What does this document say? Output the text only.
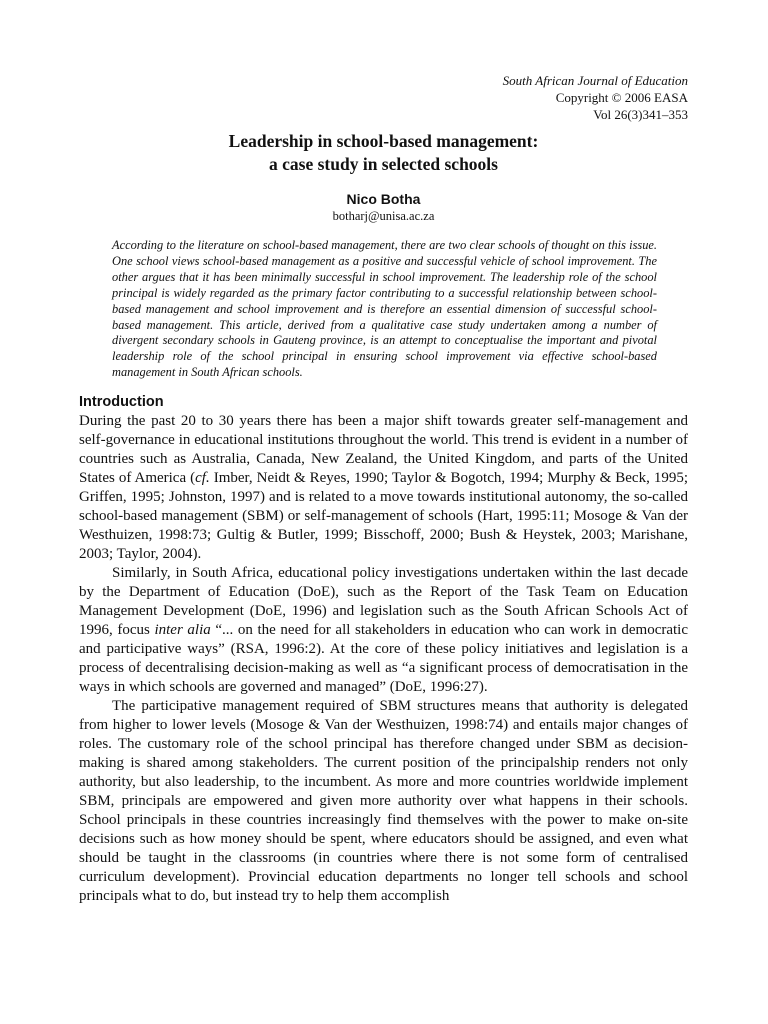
South African Journal of Education
Copyright © 2006 EASA
Vol 26(3)341–353
Leadership in school-based management:
a case study in selected schools
Nico Botha
botharj@unisa.ac.za
According to the literature on school-based management, there are two clear schools of thought on this issue. One school views school-based management as a positive and successful vehicle of school improvement. The other argues that it has been minimally successful in school improvement. The leadership role of the school principal is widely regarded as the primary factor contributing to a successful relationship between school-based management and school improvement and is therefore an essential dimension of successful school-based management. This article, derived from a qualitative case study undertaken among a number of divergent secondary schools in Gauteng province, is an attempt to conceptualise the important and pivotal leadership role of the school principal in ensuring school improvement via effective school-based management in South African schools.
Introduction

During the past 20 to 30 years there has been a major shift towards greater self-management and self-governance in educational institutions throughout the world. This trend is evident in a number of countries such as Australia, Canada, New Zealand, the United Kingdom, and parts of the United States of America (cf. Imber, Neidt & Reyes, 1990; Taylor & Bogotch, 1994; Murphy & Beck, 1995; Griffen, 1995; Johnston, 1997) and is related to a move towards institutional autonomy, the so-called school-based management (SBM) or self-management of schools (Hart, 1995:11; Mosoge & Van der Westhuizen, 1998:73; Gultig & Butler, 1999; Bisschoff, 2000; Bush & Heystek, 2003; Marishane, 2003; Taylor, 2004).

Similarly, in South Africa, educational policy investigations undertaken within the last decade by the Department of Education (DoE), such as the Report of the Task Team on Education Management Development (DoE, 1996) and legislation such as the South African Schools Act of 1996, focus inter alia “... on the need for all stakeholders in education who can work in democratic and participative ways” (RSA, 1996:2). At the core of these policy initiatives and legislation is a process of decentralising decision-making as well as “a significant process of democratisation in the ways in which schools are governed and managed” (DoE, 1996:27).

The participative management required of SBM structures means that authority is delegated from higher to lower levels (Mosoge & Van der Westhuizen, 1998:74) and entails major changes of roles. The customary role of the school principal has therefore changed under SBM as decision-making is shared among stakeholders. The current position of the principalship renders not only authority, but also leadership, to the incumbent. As more and more countries worldwide implement SBM, principals are empowered and given more authority over what happens in their schools. School principals in these countries increasingly find themselves with the power to make on-site decisions such as how money should be spent, where educators should be assigned, and even what should be taught in the classrooms (in countries where there is not some form of centralised curriculum development). Provincial education departments no longer tell schools and school principals what to do, but instead try to help them accomplish
